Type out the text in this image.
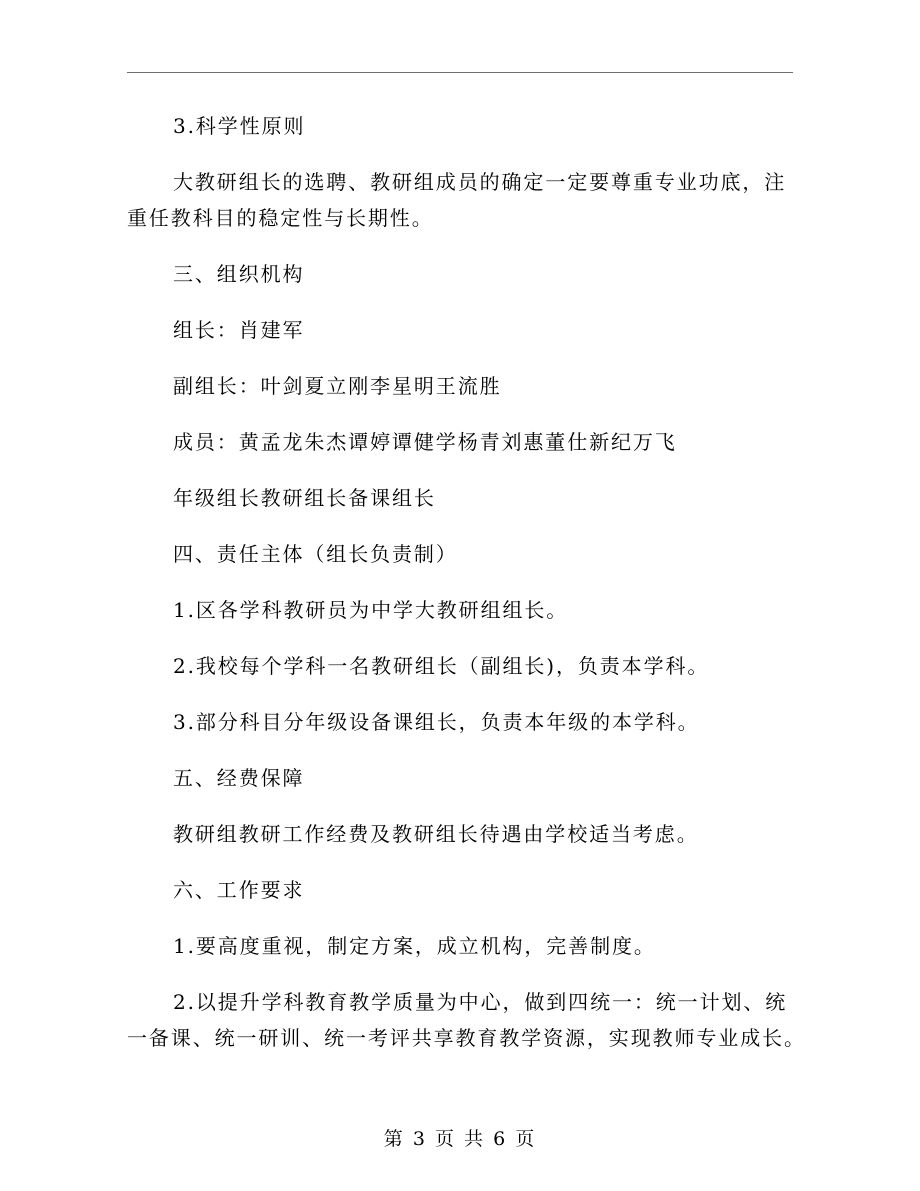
3.科学性原则

大教研组长的选聘、教研组成员的确定一定要尊重专业功底，注重任教科目的稳定性与长期性。

三、组织机构

组长：肖建军

副组长：叶剑夏立刚李星明王流胜

成员：黄孟龙朱杰谭婷谭健学杨青刘惠董仕新纪万飞

年级组长教研组长备课组长

四、责任主体（组长负责制）

1.区各学科教研员为中学大教研组组长。

2.我校每个学科一名教研组长（副组长)，负责本学科。

3.部分科目分年级设备课组长，负责本年级的本学科。

五、经费保障

教研组教研工作经费及教研组长待遇由学校适当考虑。

六、工作要求

1.要高度重视，制定方案，成立机构，完善制度。

2.以提升学科教育教学质量为中心，做到四统一：统一计划、统一备课、统一研训、统一考评共享教育教学资源，实现教师专业成长。

第 3 页 共 6 页
